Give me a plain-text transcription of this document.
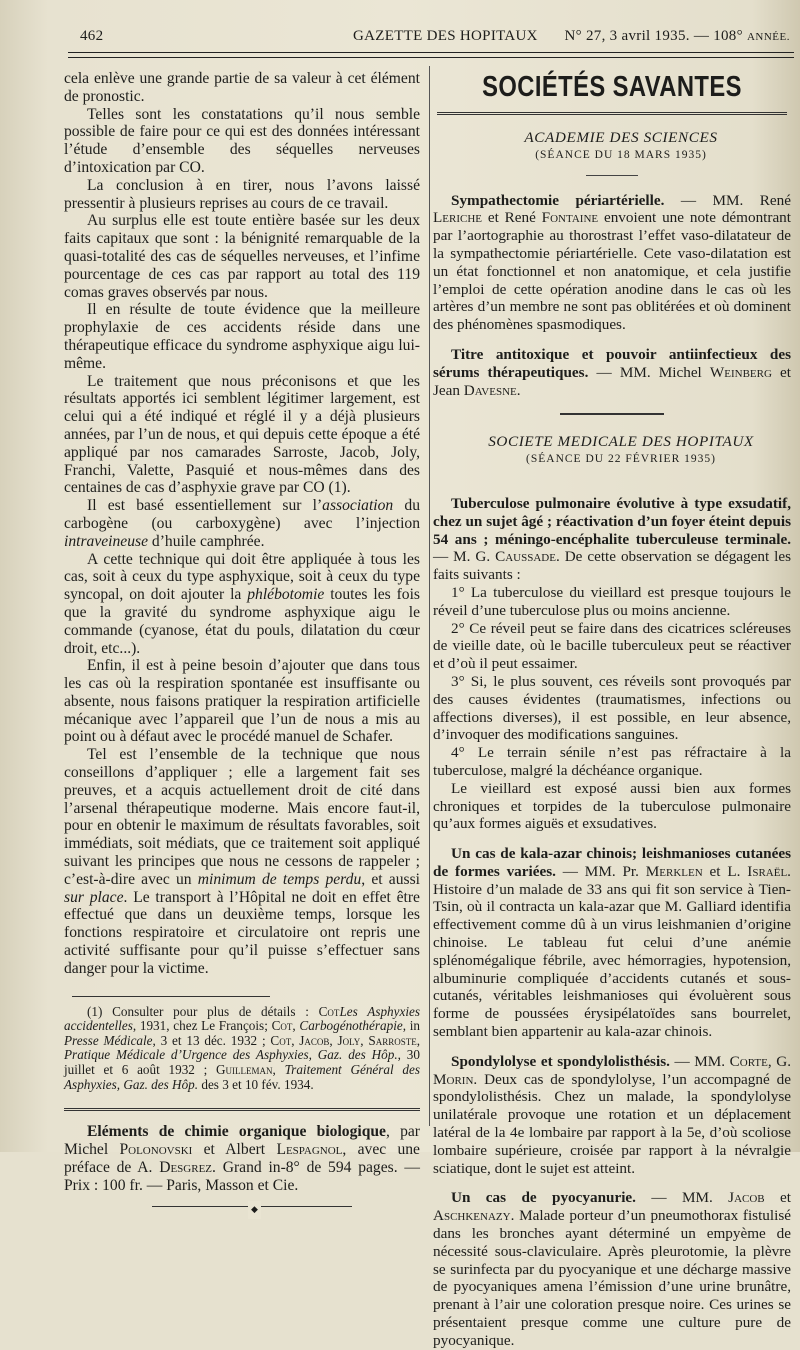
462	GAZETTE DES HOPITAUX N° 27, 3 avril 1935. — 108° ANNÉE.

cela enlève une grande partie de sa valeur à cet élément de pronostic.

Telles sont les constatations qu’il nous semble possible de faire pour ce qui est des données intéressant l’étude d’ensemble des séquelles nerveuses d’intoxication par CO.

La conclusion à en tirer, nous l’avons laissé pressentir à plusieurs reprises au cours de ce travail.

Au surplus elle est toute entière basée sur les deux faits capitaux que sont : la bénignité remarquable de la quasi-totalité des cas de séquelles nerveuses, et l’infime pourcentage de ces cas par rapport au total des 119 comas graves observés par nous.

Il en résulte de toute évidence que la meilleure prophylaxie de ces accidents réside dans une thérapeutique efficace du syndrome asphyxique aigu lui-même.

Le traitement que nous préconisons et que les résultats apportés ici semblent légitimer largement, est celui qui a été indiqué et réglé il y a déjà plusieurs années, par l’un de nous, et qui depuis cette époque a été appliqué par nos camarades Sarroste, Jacob, Joly, Franchi, Valette, Pasquié et nous-mêmes dans des centaines de cas d’asphyxie grave par CO (1).

Il est basé essentiellement sur l’association du carbogène (ou carboxygène) avec l’injection intraveineuse d’huile camphrée.

A cette technique qui doit être appliquée à tous les cas, soit à ceux du type asphyxique, soit à ceux du type syncopal, on doit ajouter la phlébotomie toutes les fois que la gravité du syndrome asphyxique aigu le commande (cyanose, état du pouls, dilatation du cœur droit, etc...).

Enfin, il est à peine besoin d’ajouter que dans tous les cas où la respiration spontanée est insuffisante ou absente, nous faisons pratiquer la respiration artificielle mécanique avec l’appareil que l’un de nous a mis au point ou à défaut avec le procédé manuel de Schafer.

Tel est l’ensemble de la technique que nous conseillons d’appliquer ; elle a largement fait ses preuves, et a acquis actuellement droit de cité dans l’arsenal thérapeutique moderne. Mais encore faut-il, pour en obtenir le maximum de résultats favorables, soit immédiats, soit médiats, que ce traitement soit appliqué suivant les principes que nous ne cessons de rappeler ; c’est-à-dire avec un minimum de temps perdu, et aussi sur place. Le transport à l’Hôpital ne doit en effet être effectué que dans un deuxième temps, lorsque les fonctions respiratoire et circulatoire ont repris une activité suffisante pour qu’il puisse s’effectuer sans danger pour la victime.

(1) Consulter pour plus de détails : CotLes Asphyxies accidentelles, 1931, chez Le François; Cot, Carbogénothérapie, in Presse Médicale, 3 et 13 déc. 1932 ; Cot, Jacob, Joly, Sarroste, Pratique Médicale d’Urgence des Asphyxies, Gaz. des Hôp., 30 juillet et 6 août 1932 ; Guilleman, Traitement Général des Asphyxies, Gaz. des Hôp. des 3 et 10 fév. 1934.

Eléments de chimie organique biologique, par Michel Polonovski et Albert Lespagnol, avec une préface de A. Desgrez. Grand in-8° de 594 pages. — Prix : 100 fr. — Paris, Masson et Cie.

◆
SOCIÉTÉS SAVANTES

ACADEMIE DES SCIENCES

(SÉANCE DU 18 MARS 1935)

Sympathectomie périartérielle. — MM. René Leriche et René Fontaine envoient une note démontrant par l’aortographie au thorostrast l’effet vaso-dilatateur de la sympathectomie périartérielle. Cete vaso-dilatation est un état fonctionnel et non anatomique, et cela justifie l’emploi de cette opération anodine dans le cas où les artères d’un membre ne sont pas oblitérées et où dominent des phénomènes spasmodiques.

Titre antitoxique et pouvoir antiinfectieux des sérums thérapeutiques. — MM. Michel Weinberg et Jean Davesne.

SOCIETE MEDICALE DES HOPITAUX

(SÉANCE DU 22 FÉVRIER 1935)

Tuberculose pulmonaire évolutive à type exsudatif, chez un sujet âgé ; réactivation d’un foyer éteint depuis 54 ans ; méningo-encéphalite tuberculeuse terminale. — M. G. Caussade. De cette observation se dégagent les faits suivants :

1° La tuberculose du vieillard est presque toujours le réveil d’une tuberculose plus ou moins ancienne.

2° Ce réveil peut se faire dans des cicatrices scléreuses de vieille date, où le bacille tuberculeux peut se réactiver et d’où il peut essaimer.

3° Si, le plus souvent, ces réveils sont provoqués par des causes évidentes (traumatismes, infections ou affections diverses), il est possible, en leur absence, d’invoquer des modifications sanguines.

4° Le terrain sénile n’est pas réfractaire à la tuberculose, malgré la déchéance organique.

Le vieillard est exposé aussi bien aux formes chroniques et torpides de la tuberculose pulmonaire qu’aux formes aiguës et exsudatives.

Un cas de kala-azar chinois; leishmanioses cutanées de formes variées. — MM. Pr. Merklen et L. Israël. Histoire d’un malade de 33 ans qui fit son service à Tien-Tsin, où il contracta un kala-azar que M. Galliard identifia effectivement comme dû à un virus leishmanien d’origine chinoise. Le tableau fut celui d’une anémie splénomégalique fébrile, avec hémorragies, hypotension, albuminurie compliquée d’accidents cutanés et sous-cutanés, véritables leishmanioses qui évoluèrent sous forme de poussées érysipélatoïdes sans bourrelet, semblant bien appartenir au kala-azar chinois.

Spondylolyse et spondylolisthésis. — MM. Corte, G. Morin. Deux cas de spondylolyse, l’un accompagné de spondylolisthésis. Chez un malade, la spondylolyse unilatérale provoque une rotation et un déplacement latéral de la 4e lombaire par rapport à la 5e, d’où scoliose lombaire supérieure, croisée par rapport à la névralgie sciatique, dont le sujet est atteint.

Un cas de pyocyanurie. — MM. Jacob et Aschkenazy. Malade porteur d’un pneumothorax fistulisé dans les bronches ayant déterminé un empyème de nécessité sous-claviculaire. Après pleurotomie, la plèvre se surinfecta par du pyocyanique et une décharge massive de pyocyaniques amena l’émission d’une urine brunâtre, prenant à l’air une coloration presque noire. Ces urines se présentaient presque comme une culture pure de pyocyanique.
